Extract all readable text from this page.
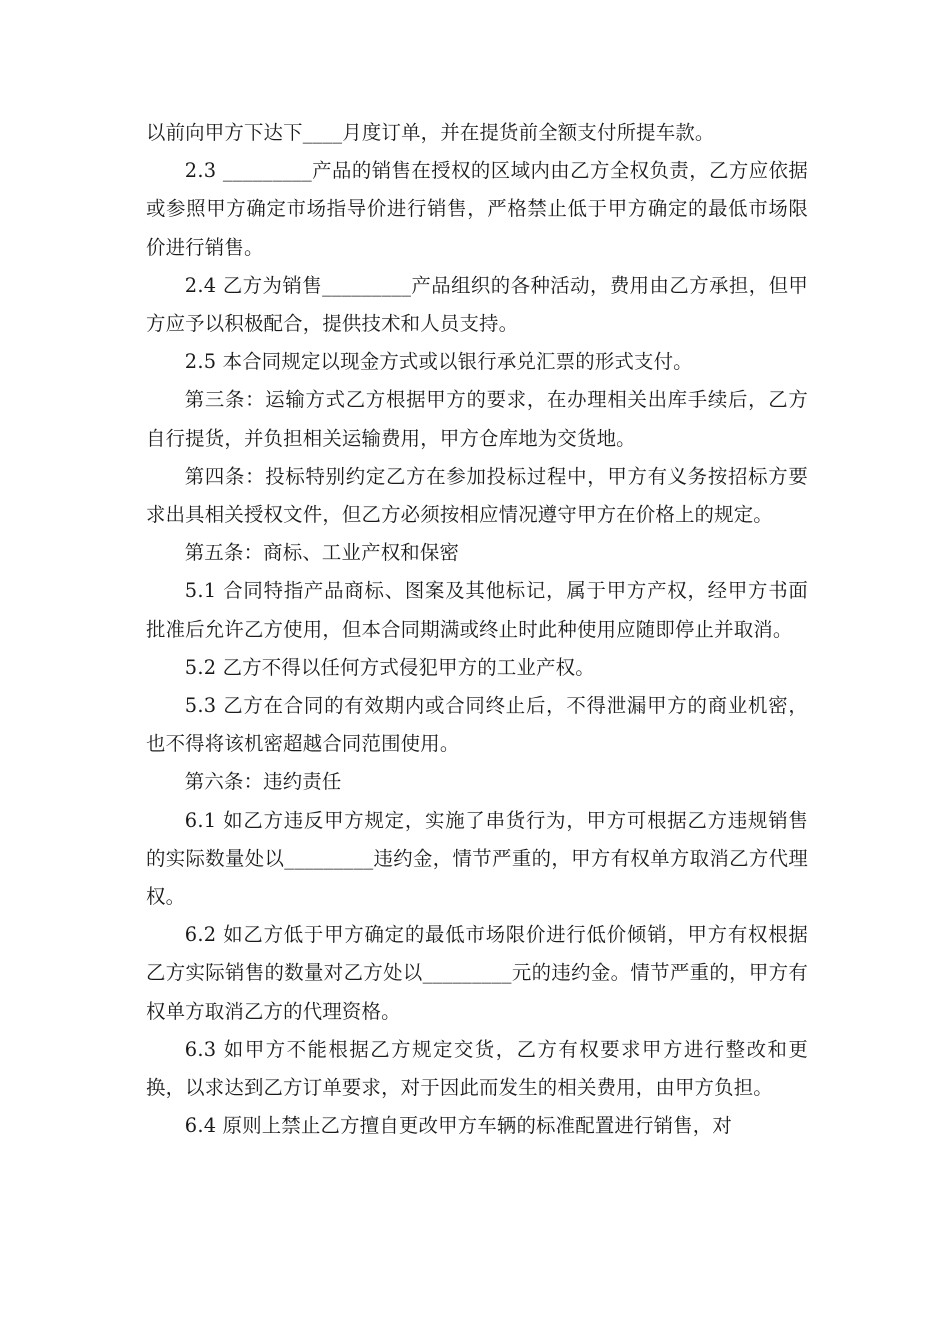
以前向甲方下达下____月度订单，并在提货前全额支付所提车款。

2.3 _________产品的销售在授权的区域内由乙方全权负责，乙方应依据或参照甲方确定市场指导价进行销售，严格禁止低于甲方确定的最低市场限价进行销售。

2.4 乙方为销售_________产品组织的各种活动，费用由乙方承担，但甲方应予以积极配合，提供技术和人员支持。

2.5 本合同规定以现金方式或以银行承兑汇票的形式支付。

第三条：运输方式乙方根据甲方的要求，在办理相关出库手续后，乙方自行提货，并负担相关运输费用，甲方仓库地为交货地。

第四条：投标特别约定乙方在参加投标过程中，甲方有义务按招标方要求出具相关授权文件，但乙方必须按相应情况遵守甲方在价格上的规定。

第五条：商标、工业产权和保密

5.1 合同特指产品商标、图案及其他标记，属于甲方产权，经甲方书面批准后允许乙方使用，但本合同期满或终止时此种使用应随即停止并取消。

5.2 乙方不得以任何方式侵犯甲方的工业产权。

5.3 乙方在合同的有效期内或合同终止后，不得泄漏甲方的商业机密，也不得将该机密超越合同范围使用。

第六条：违约责任

6.1 如乙方违反甲方规定，实施了串货行为，甲方可根据乙方违规销售的实际数量处以_________违约金，情节严重的，甲方有权单方取消乙方代理权。

6.2 如乙方低于甲方确定的最低市场限价进行低价倾销，甲方有权根据乙方实际销售的数量对乙方处以_________元的违约金。情节严重的，甲方有权单方取消乙方的代理资格。

6.3 如甲方不能根据乙方规定交货，乙方有权要求甲方进行整改和更换，以求达到乙方订单要求，对于因此而发生的相关费用，由甲方负担。

6.4 原则上禁止乙方擅自更改甲方车辆的标准配置进行销售，对
